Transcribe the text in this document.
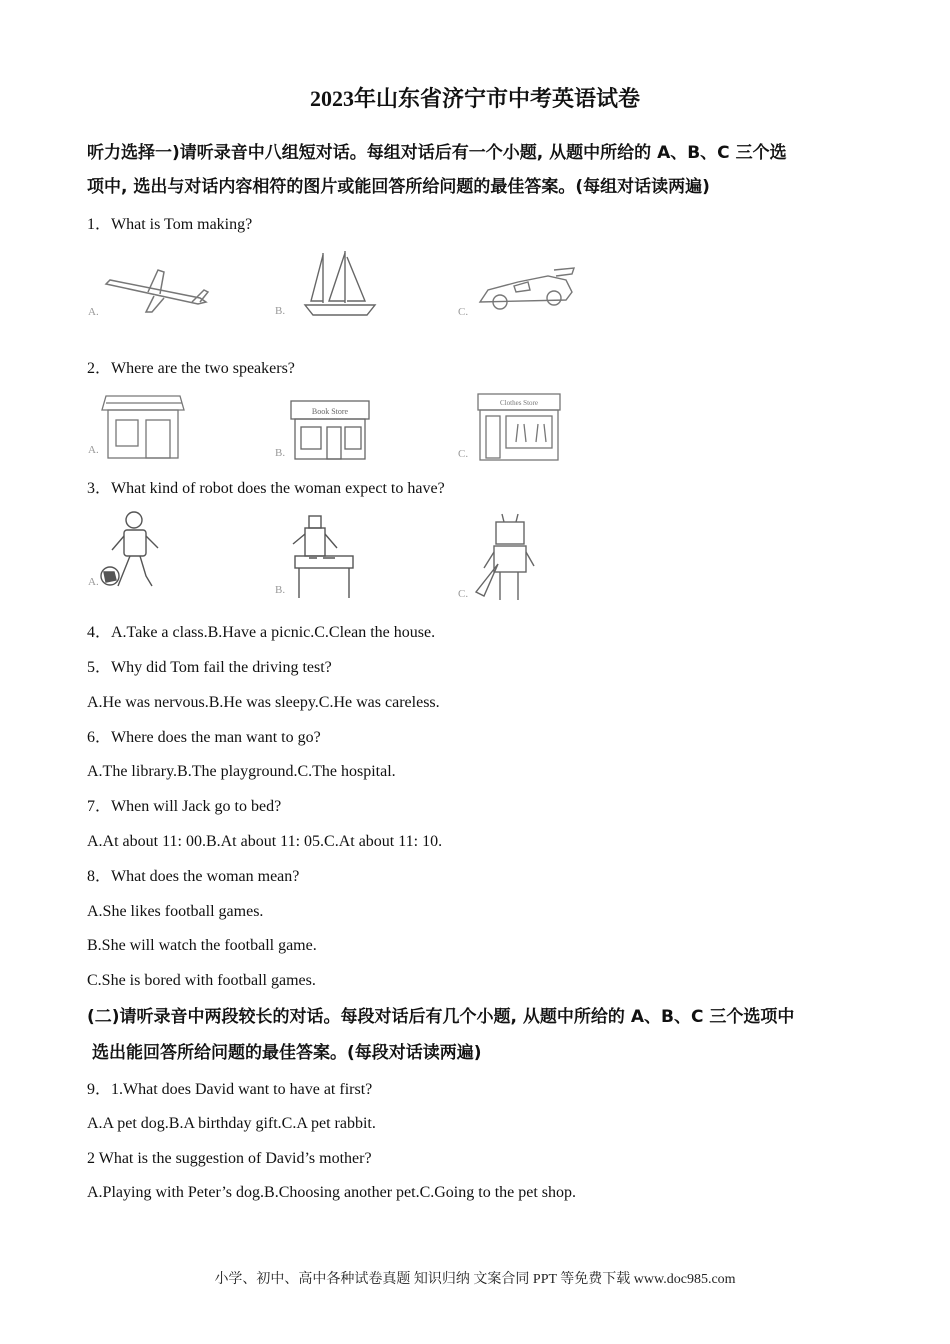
2023年山东省济宁市中考英语试卷
听力选择一)请听录音中八组短对话。每组对话后有一个小题, 从题中所给的 A、B、C 三个选
项中, 选出与对话内容相符的图片或能回答所给问题的最佳答案。(每组对话读两遍)
1．What is Tom making?
A.	B.	C.
2．Where are the two speakers?
A.
Book Store
B.
Clothes Store
C.
3．What kind of robot does the woman expect to have?
A.
B.	C.
4．A.Take a class.B.Have a picnic.C.Clean the house.
5．Why did Tom fail the driving test?
A.He was nervous.B.He was sleepy.C.He was careless.
6．Where does the man want to go?
A.The library.B.The playground.C.The hospital.
7．When will Jack go to bed?
A.At about 11: 00.B.At about 11: 05.C.At about 11: 10.
8．What does the woman mean?
A.She likes football games.
B.She will watch the football game.
C.She is bored with football games.
(二)请听录音中两段较长的对话。每段对话后有几个小题, 从题中所给的 A、B、C 三个选项中
选出能回答所给问题的最佳答案。(每段对话读两遍)
9．1.What does David want to have at first?
A.A pet dog.B.A birthday gift.C.A pet rabbit.
2 What is the suggestion of David’s mother?
A.Playing with Peter’s dog.B.Choosing another pet.C.Going to the pet shop.
小学、初中、高中各种试卷真题 知识归纳 文案合同 PPT 等免费下载 www.doc985.com
